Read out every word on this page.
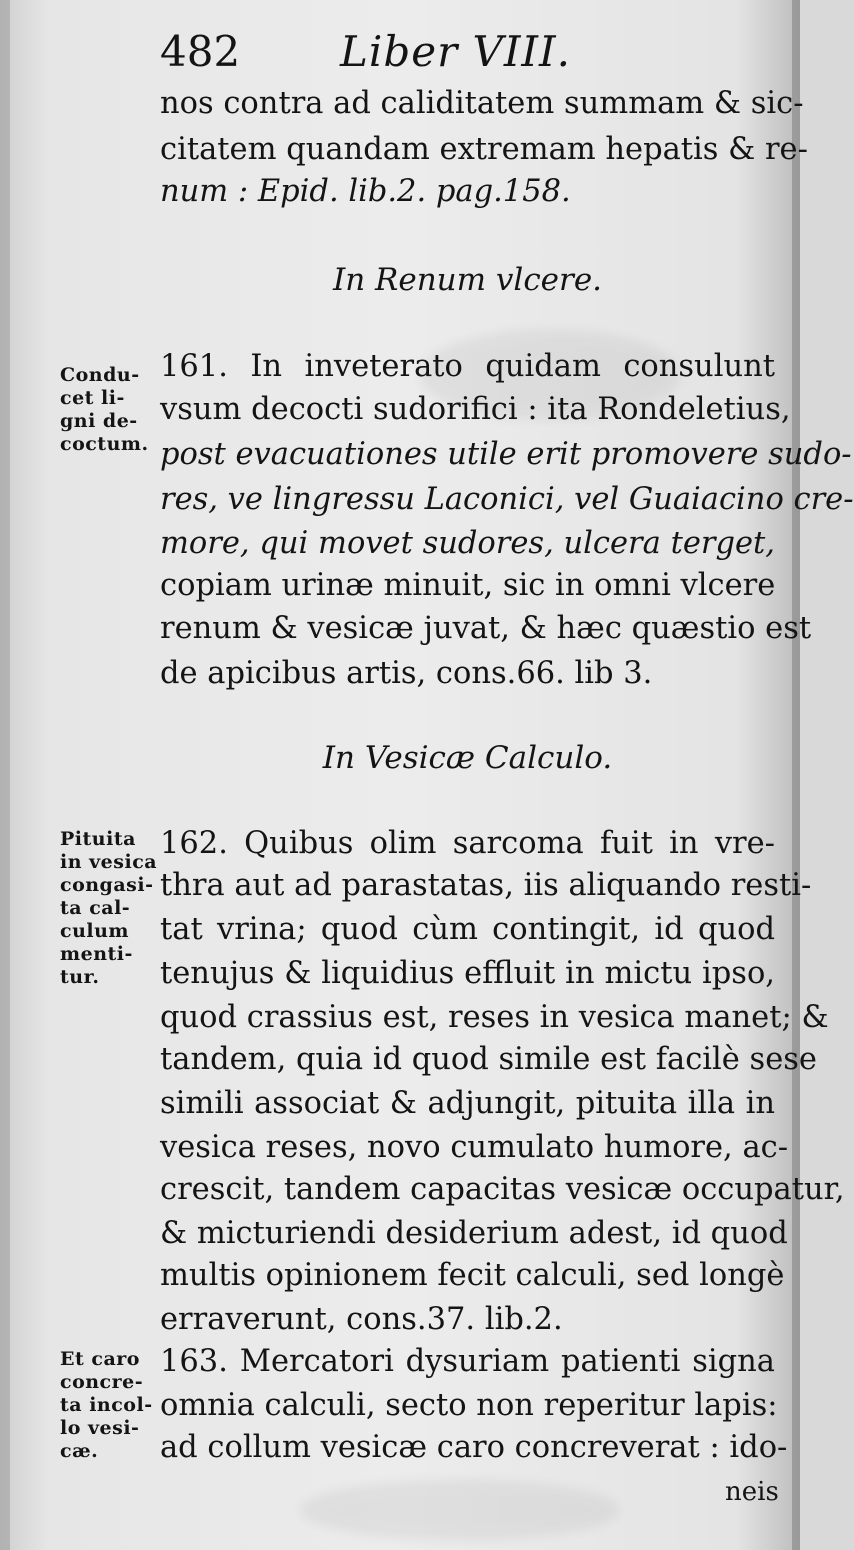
482 Liber VIII.
nos contra ad caliditatem summam & sic-
citatem quandam extremam hepatis & re-
num : Epid. lib.2. pag.158.
In Renum vlcere.
Condu-
cet li-
gni de-
coctum.
161. In inveterato quidam consulunt
vsum decocti sudorifici : ita Rondeletius,
post evacuationes utile erit promovere sudo-
res, ve lingressu Laconici, vel Guaiacino cre-
more, qui movet sudores, ulcera terget,
copiam urinæ minuit, sic in omni vlcere
renum & vesicæ juvat, & hæc quæstio est
de apicibus artis, cons.66. lib 3.
In Vesicæ Calculo.
Pituita
in vesica
congasi-
ta cal-
culum
menti-
tur.
162. Quibus olim sarcoma fuit in vre-
thra aut ad parastatas, iis aliquando resti-
tat vrina; quod cùm contingit, id quod
tenujus & liquidius effluit in mictu ipso,
quod crassius est, reses in vesica manet; &
tandem, quia id quod simile est facilè sese
simili associat & adjungit, pituita illa in
vesica reses, novo cumulato humore, ac-
crescit, tandem capacitas vesicæ occupatur,
& micturiendi desiderium adest, id quod
multis opinionem fecit calculi, sed longè
erraverunt, cons.37. lib.2.
Et caro
concre-
ta incol-
lo vesi-
cæ.
163. Mercatori dysuriam patienti signa
omnia calculi, secto non reperitur lapis:
ad collum vesicæ caro concreverat : ido-
neis
